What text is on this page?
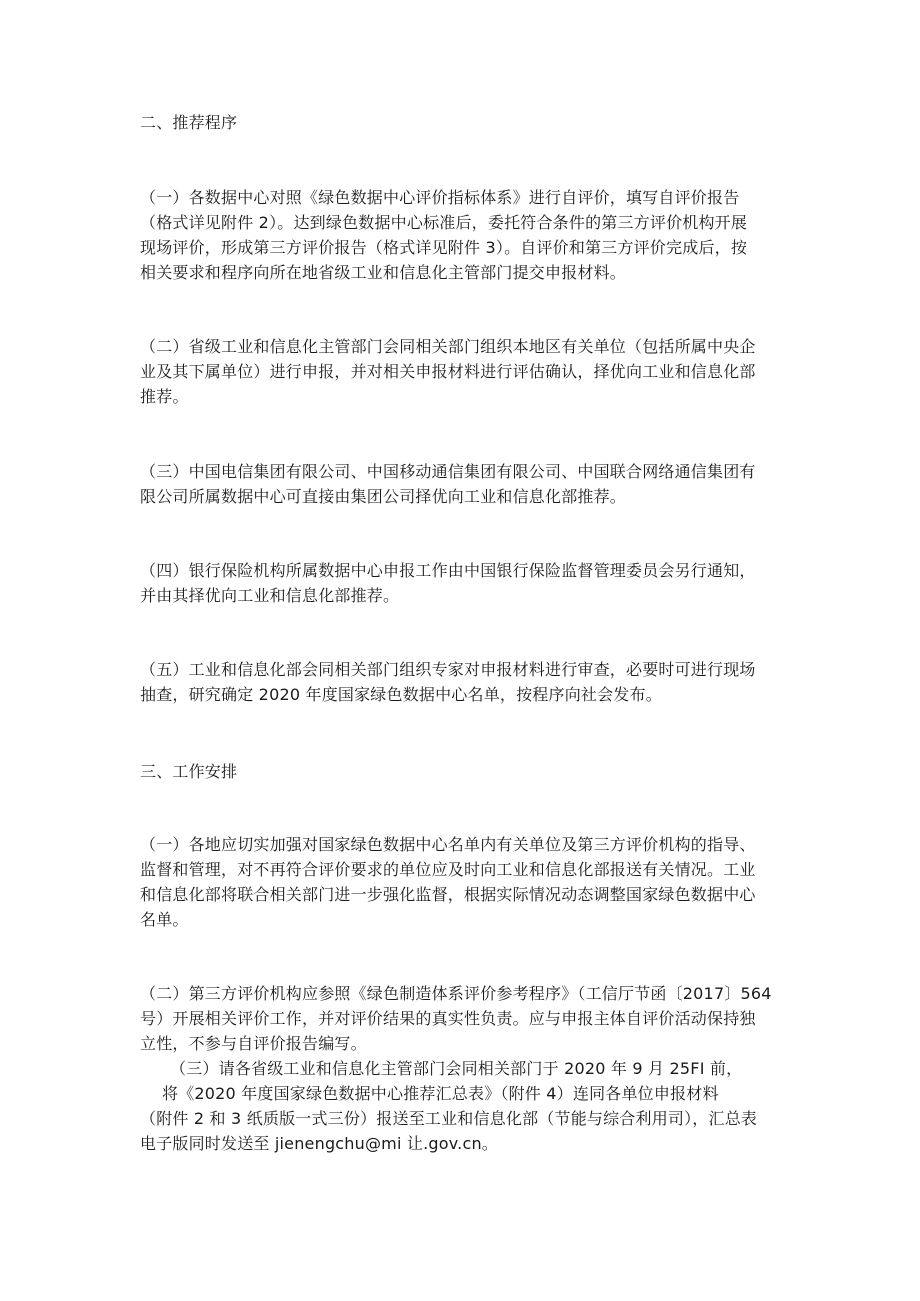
二、推荐程序
（一）各数据中心对照《绿色数据中心评价指标体系》进行自评价，填写自评价报告
（格式详见附件 2）。达到绿色数据中心标准后，委托符合条件的第三方评价机构开展
现场评价，形成第三方评价报告（格式详见附件 3）。自评价和第三方评价完成后，按
相关要求和程序向所在地省级工业和信息化主管部门提交申报材料。
（二）省级工业和信息化主管部门会同相关部门组织本地区有关单位（包括所属中央企
业及其下属单位）进行申报，并对相关申报材料进行评估确认，择优向工业和信息化部
推荐。
（三）中国电信集团有限公司、中国移动通信集团有限公司、中国联合网络通信集团有
限公司所属数据中心可直接由集团公司择优向工业和信息化部推荐。
（四）银行保险机构所属数据中心申报工作由中国银行保险监督管理委员会另行通知，
并由其择优向工业和信息化部推荐。
（五）工业和信息化部会同相关部门组织专家对申报材料进行审查，必要时可进行现场
抽查，研究确定 2020 年度国家绿色数据中心名单，按程序向社会发布。
三、工作安排
（一）各地应切实加强对国家绿色数据中心名单内有关单位及第三方评价机构的指导、
监督和管理，对不再符合评价要求的单位应及时向工业和信息化部报送有关情况。工业
和信息化部将联合相关部门进一步强化监督，根据实际情况动态调整国家绿色数据中心
名单。
（二）第三方评价机构应参照《绿色制造体系评价参考程序》（工信厅节函〔2017〕564
号）开展相关评价工作，并对评价结果的真实性负责。应与申报主体自评价活动保持独
立性，不参与自评价报告编写。
（三）请各省级工业和信息化主管部门会同相关部门于 2020 年 9 月 25FI 前，
将《2020 年度国家绿色数据中心推荐汇总表》（附件 4）连同各单位申报材料
（附件 2 和 3 纸质版一式三份）报送至工业和信息化部（节能与综合利用司），汇总表
电子版同时发送至 jienengchu@mi 让.gov.cn。
